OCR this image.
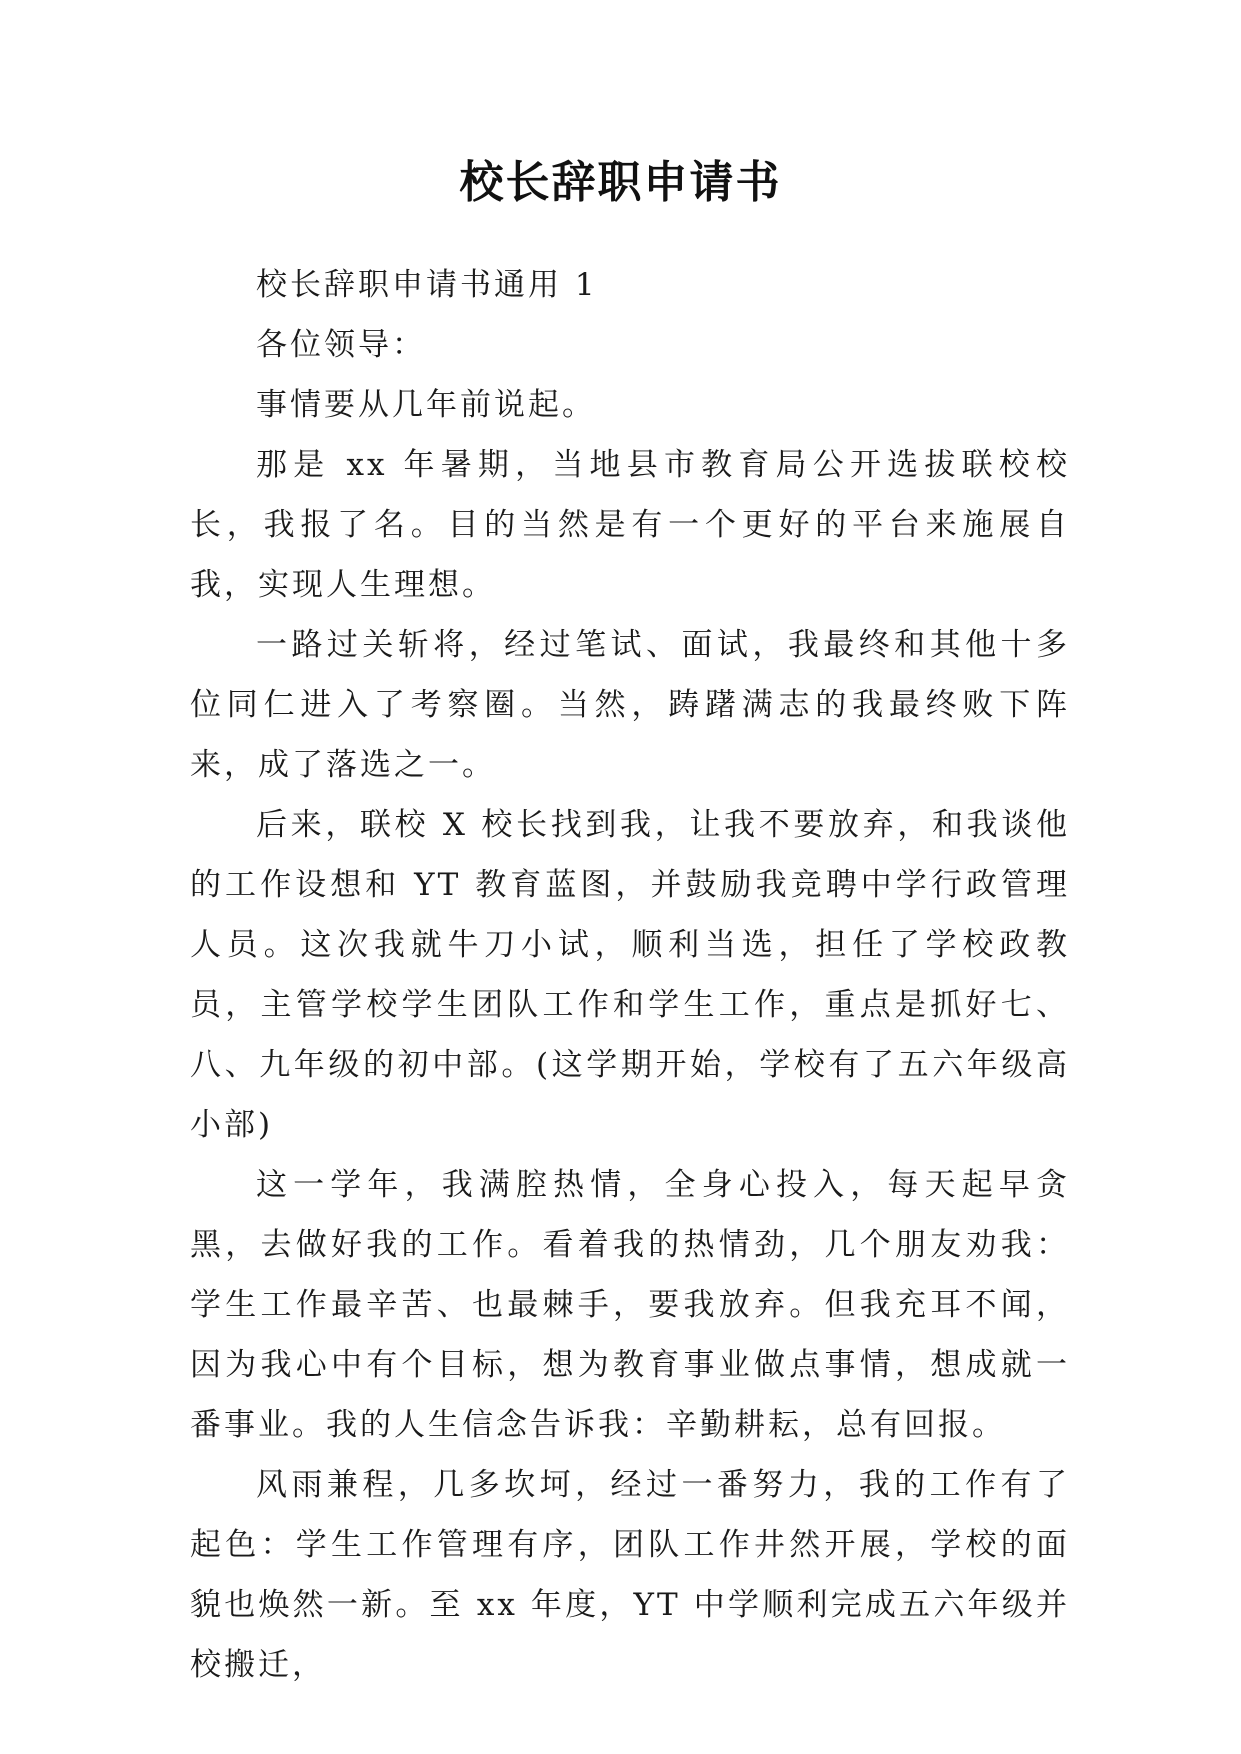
校长辞职申请书

校长辞职申请书通用 1

各位领导：

事情要从几年前说起。

那是 xx 年暑期，当地县市教育局公开选拔联校校长，我报了名。目的当然是有一个更好的平台来施展自我，实现人生理想。

一路过关斩将，经过笔试、面试，我最终和其他十多位同仁进入了考察圈。当然，踌躇满志的我最终败下阵来，成了落选之一。

后来，联校 X 校长找到我，让我不要放弃，和我谈他的工作设想和 YT 教育蓝图，并鼓励我竞聘中学行政管理人员。这次我就牛刀小试，顺利当选，担任了学校政教员，主管学校学生团队工作和学生工作，重点是抓好七、八、九年级的初中部。(这学期开始，学校有了五六年级高小部)

这一学年，我满腔热情，全身心投入，每天起早贪黑，去做好我的工作。看着我的热情劲，几个朋友劝我：学生工作最辛苦、也最棘手，要我放弃。但我充耳不闻，因为我心中有个目标，想为教育事业做点事情，想成就一番事业。我的人生信念告诉我：辛勤耕耘，总有回报。

风雨兼程，几多坎坷，经过一番努力，我的工作有了起色：学生工作管理有序，团队工作井然开展，学校的面貌也焕然一新。至 xx 年度，YT 中学顺利完成五六年级并校搬迁，
